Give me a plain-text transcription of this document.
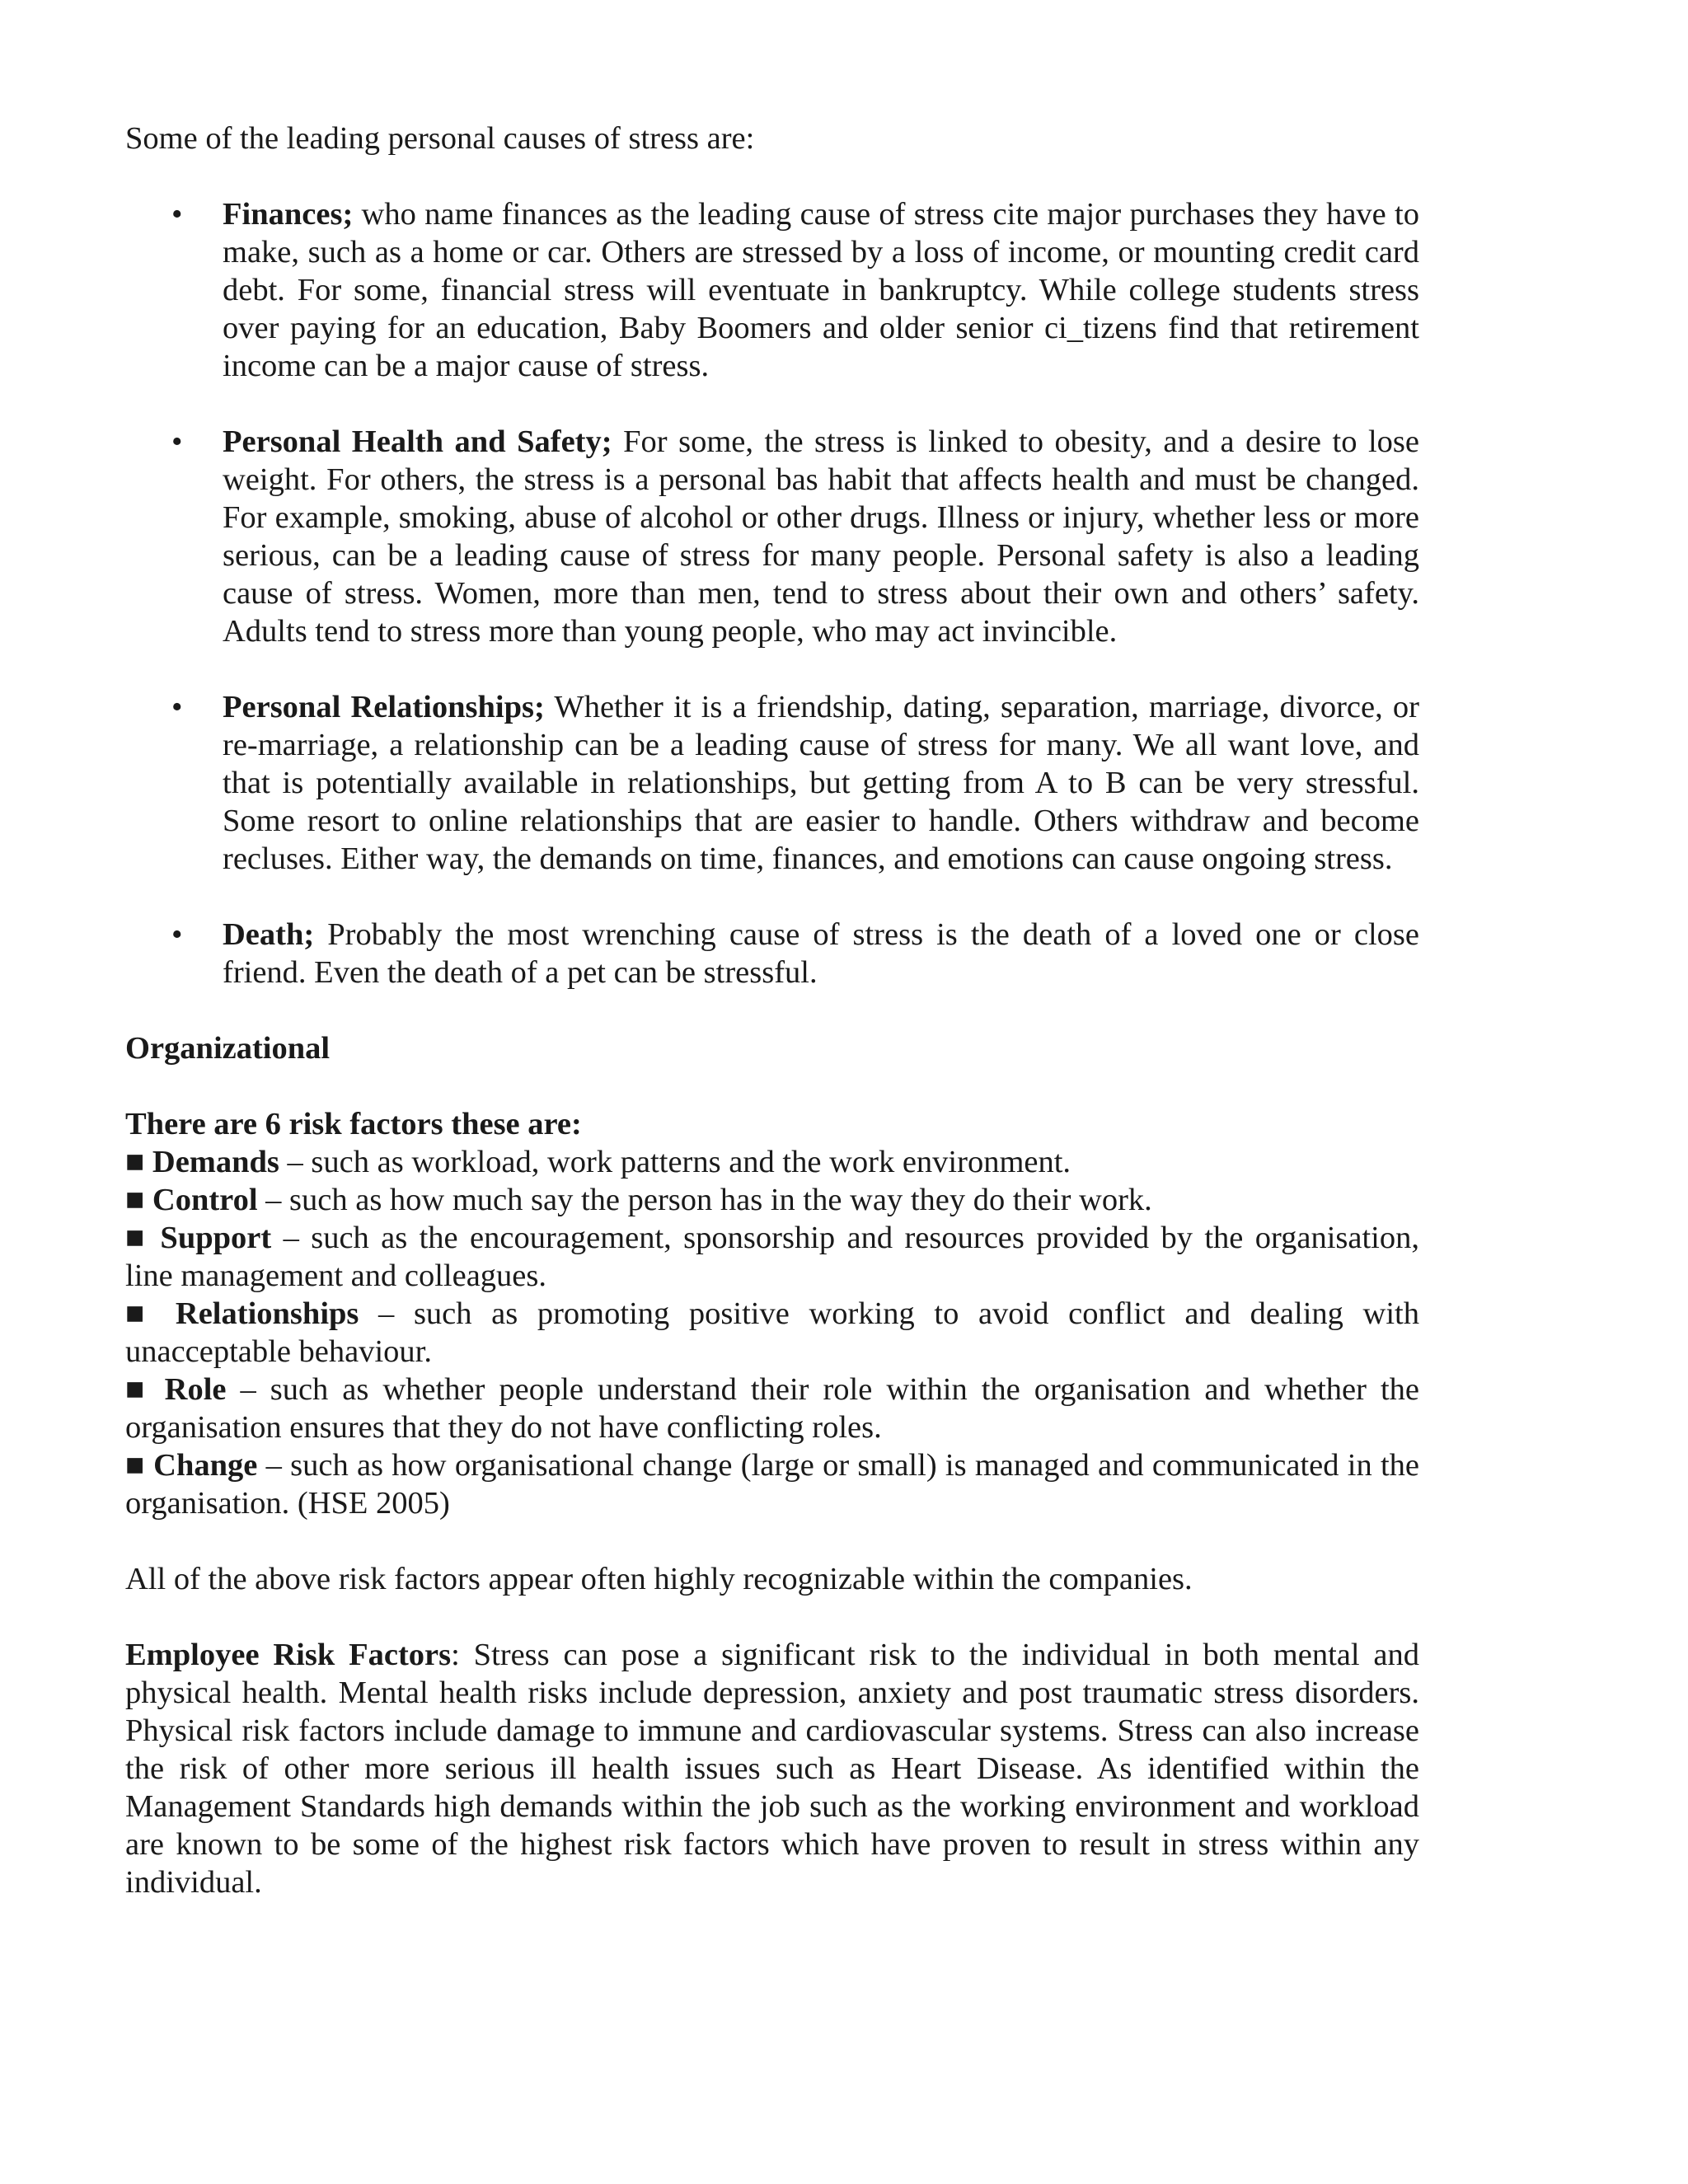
Some of the leading personal causes of stress are:

• Finances; who name finances as the leading cause of stress cite major purchases they have to make, such as a home or car. Others are stressed by a loss of income, or mounting credit card debt. For some, financial stress will eventuate in bankruptcy. While college students stress over paying for an education, Baby Boomers and older senior ci_tizens find that retirement income can be a major cause of stress.
• Personal Health and Safety; For some, the stress is linked to obesity, and a desire to lose weight. For others, the stress is a personal bas habit that affects health and must be changed. For example, smoking, abuse of alcohol or other drugs. Illness or injury, whether less or more serious, can be a leading cause of stress for many people. Personal safety is also a leading cause of stress. Women, more than men, tend to stress about their own and others’ safety. Adults tend to stress more than young people, who may act invincible.
• Personal Relationships; Whether it is a friendship, dating, separation, marriage, divorce, or re-marriage, a relationship can be a leading cause of stress for many. We all want love, and that is potentially available in relationships, but getting from A to B can be very stressful. Some resort to online relationships that are easier to handle. Others withdraw and become recluses. Either way, the demands on time, finances, and emotions can cause ongoing stress.
• Death; Probably the most wrenching cause of stress is the death of a loved one or close friend. Even the death of a pet can be stressful.

Organizational

There are 6 risk factors these are:

■ Demands – such as workload, work patterns and the work environment.

■ Control – such as how much say the person has in the way they do their work.

■ Support – such as the encouragement, sponsorship and resources provided by the organisation, line management and colleagues.

■ Relationships – such as promoting positive working to avoid conflict and dealing with unacceptable behaviour.

■ Role – such as whether people understand their role within the organisation and whether the organisation ensures that they do not have conflicting roles.

■ Change – such as how organisational change (large or small) is managed and communicated in the organisation. (HSE 2005)

All of the above risk factors appear often highly recognizable within the companies.

Employee Risk Factors: Stress can pose a significant risk to the individual in both mental and physical health. Mental health risks include depression, anxiety and post traumatic stress disorders. Physical risk factors include damage to immune and cardiovascular systems. Stress can also increase the risk of other more serious ill health issues such as Heart Disease. As identified within the Management Standards high demands within the job such as the working environment and workload are known to be some of the highest risk factors which have proven to result in stress within any individual.
